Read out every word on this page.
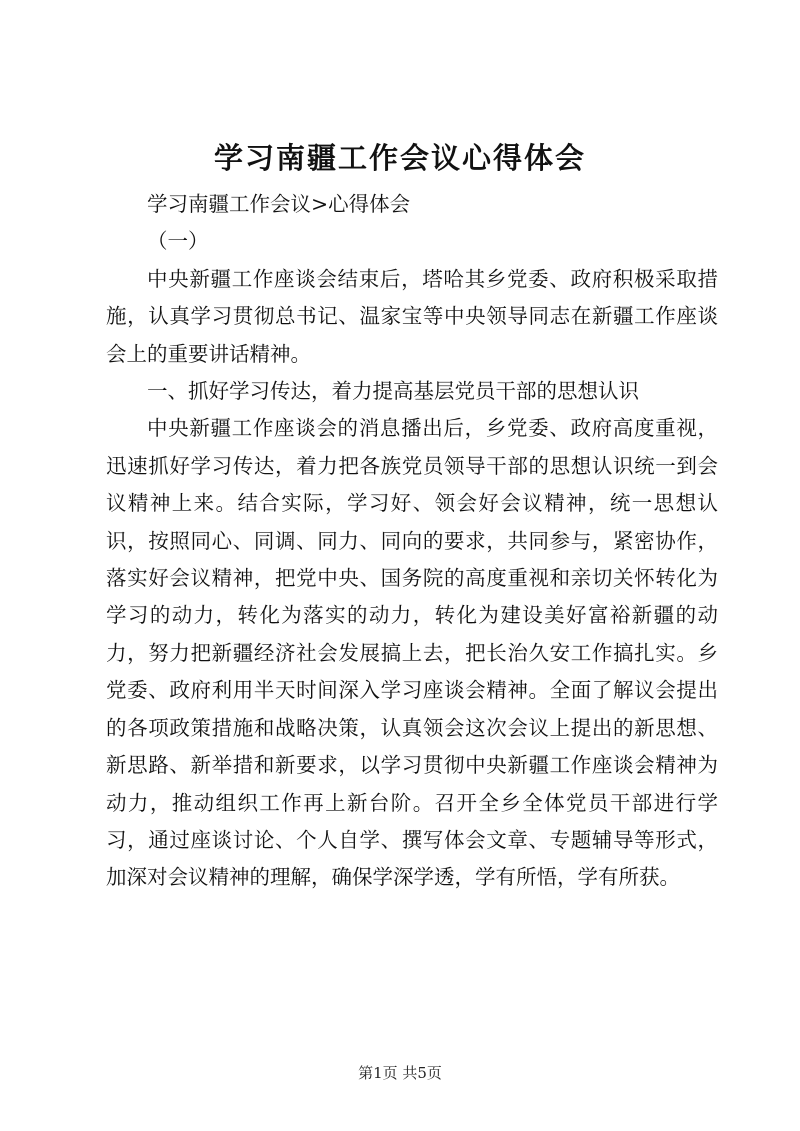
学习南疆工作会议心得体会

学习南疆工作会议>心得体会

（一）

中央新疆工作座谈会结束后，塔哈其乡党委、政府积极采取措施，认真学习贯彻总书记、温家宝等中央领导同志在新疆工作座谈会上的重要讲话精神。

一、抓好学习传达，着力提高基层党员干部的思想认识

中央新疆工作座谈会的消息播出后，乡党委、政府高度重视，迅速抓好学习传达，着力把各族党员领导干部的思想认识统一到会议精神上来。结合实际，学习好、领会好会议精神，统一思想认识，按照同心、同调、同力、同向的要求，共同参与，紧密协作，落实好会议精神，把党中央、国务院的高度重视和亲切关怀转化为学习的动力，转化为落实的动力，转化为建设美好富裕新疆的动力，努力把新疆经济社会发展搞上去，把长治久安工作搞扎实。乡党委、政府利用半天时间深入学习座谈会精神。全面了解议会提出的各项政策措施和战略决策，认真领会这次会议上提出的新思想、新思路、新举措和新要求，以学习贯彻中央新疆工作座谈会精神为动力，推动组织工作再上新台阶。召开全乡全体党员干部进行学习，通过座谈讨论、个人自学、撰写体会文章、专题辅导等形式，加深对会议精神的理解，确保学深学透，学有所悟，学有所获。

第1页 共5页
